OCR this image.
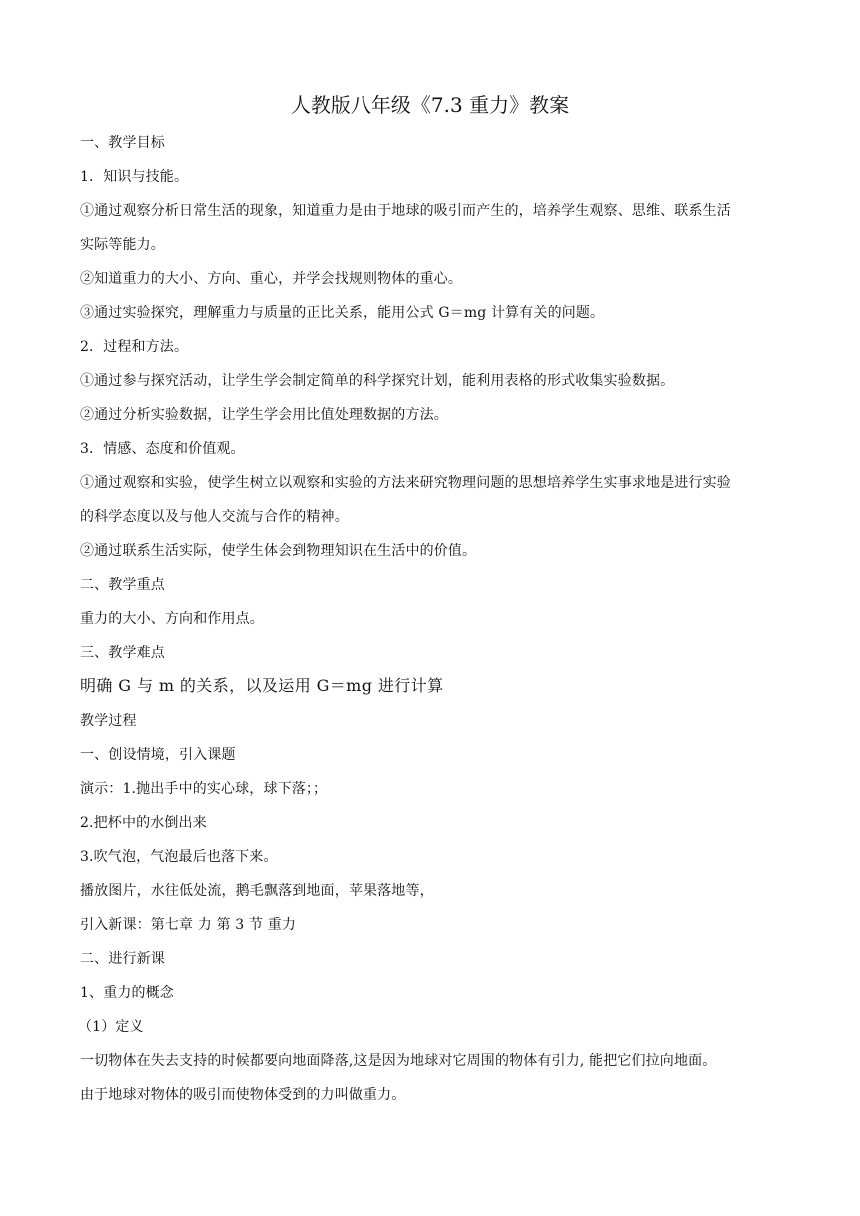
人教版八年级《7.3 重力》教案
一、教学目标
1．知识与技能。
①通过观察分析日常生活的现象，知道重力是由于地球的吸引而产生的，培养学生观察、思维、联系生活
实际等能力。
②知道重力的大小、方向、重心，并学会找规则物体的重心。
③通过实验探究，理解重力与质量的正比关系，能用公式 G＝mg 计算有关的问题。
2．过程和方法。
①通过参与探究活动，让学生学会制定简单的科学探究计划，能利用表格的形式收集实验数据。
②通过分析实验数据，让学生学会用比值处理数据的方法。
3．情感、态度和价值观。
①通过观察和实验，使学生树立以观察和实验的方法来研究物理问题的思想培养学生实事求地是进行实验
的科学态度以及与他人交流与合作的精神。
②通过联系生活实际，使学生体会到物理知识在生活中的价值。
二、教学重点
重力的大小、方向和作用点。
三、教学难点
明确 G 与 m 的关系，以及运用 G＝mg 进行计算
教学过程
一、创设情境，引入课题
演示：1.抛出手中的实心球，球下落；；
2.把杯中的水倒出来
3.吹气泡，气泡最后也落下来。
播放图片，水往低处流，鹅毛飘落到地面，苹果落地等，
引入新课：第七章 力 第 3 节 重力
二、进行新课
1、重力的概念
（1）定义
一切物体在失去支持的时候都要向地面降落,这是因为地球对它周围的物体有引力, 能把它们拉向地面。
由于地球对物体的吸引而使物体受到的力叫做重力。
